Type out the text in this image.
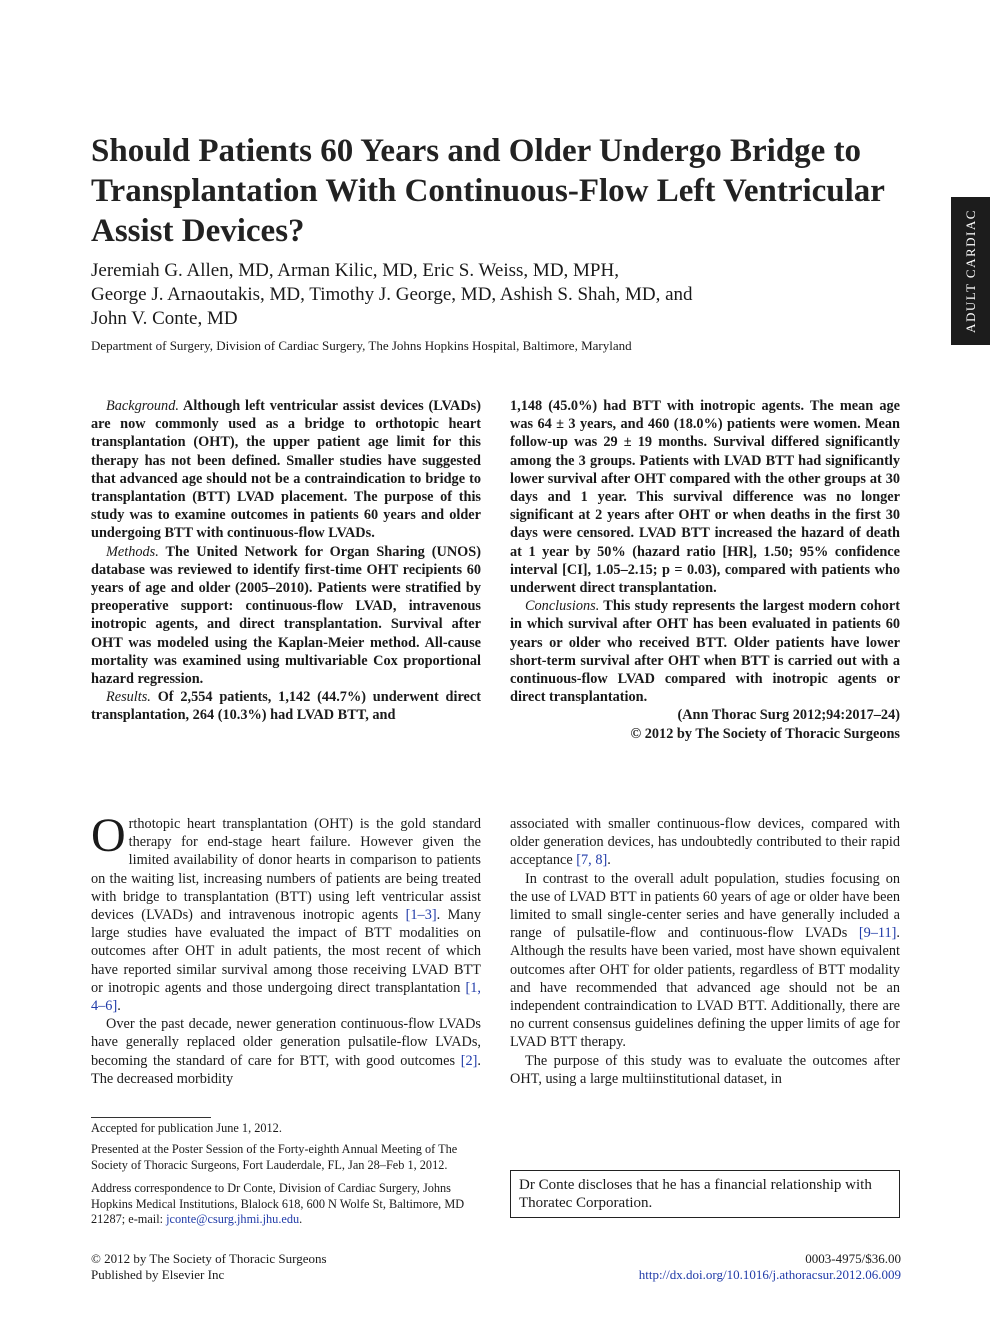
ADULT CARDIAC
Should Patients 60 Years and Older Undergo Bridge to Transplantation With Continuous-Flow Left Ventricular Assist Devices?
Jeremiah G. Allen, MD, Arman Kilic, MD, Eric S. Weiss, MD, MPH,
George J. Arnaoutakis, MD, Timothy J. George, MD, Ashish S. Shah, MD, and
John V. Conte, MD
Department of Surgery, Division of Cardiac Surgery, The Johns Hopkins Hospital, Baltimore, Maryland

Background. Although left ventricular assist devices (LVADs) are now commonly used as a bridge to orthotopic heart transplantation (OHT), the upper patient age limit for this therapy has not been defined. Smaller studies have suggested that advanced age should not be a contraindication to bridge to transplantation (BTT) LVAD placement. The purpose of this study was to examine outcomes in patients 60 years and older undergoing BTT with continuous-flow LVADs.

Methods. The United Network for Organ Sharing (UNOS) database was reviewed to identify first-time OHT recipients 60 years of age and older (2005–2010). Patients were stratified by preoperative support: continuous-flow LVAD, intravenous inotropic agents, and direct transplantation. Survival after OHT was modeled using the Kaplan-Meier method. All-cause mortality was examined using multivariable Cox proportional hazard regression.

Results. Of 2,554 patients, 1,142 (44.7%) underwent direct transplantation, 264 (10.3%) had LVAD BTT, and

1,148 (45.0%) had BTT with inotropic agents. The mean age was 64 ± 3 years, and 460 (18.0%) patients were women. Mean follow-up was 29 ± 19 months. Survival differed significantly among the 3 groups. Patients with LVAD BTT had significantly lower survival after OHT compared with the other groups at 30 days and 1 year. This survival difference was no longer significant at 2 years after OHT or when deaths in the first 30 days were censored. LVAD BTT increased the hazard of death at 1 year by 50% (hazard ratio [HR], 1.50; 95% confidence interval [CI], 1.05–2.15; p = 0.03), compared with patients who underwent direct transplantation.

Conclusions. This study represents the largest modern cohort in which survival after OHT has been evaluated in patients 60 years or older who received BTT. Older patients have lower short-term survival after OHT when BTT is carried out with a continuous-flow LVAD compared with inotropic agents or direct transplantation.

(Ann Thorac Surg 2012;94:2017–24)

© 2012 by The Society of Thoracic Surgeons

Orthotopic heart transplantation (OHT) is the gold standard therapy for end-stage heart failure. However given the limited availability of donor hearts in comparison to patients on the waiting list, increasing numbers of patients are being treated with bridge to transplantation (BTT) using left ventricular assist devices (LVADs) and intravenous inotropic agents [1–3]. Many large studies have evaluated the impact of BTT modalities on outcomes after OHT in adult patients, the most recent of which have reported similar survival among those receiving LVAD BTT or inotropic agents and those undergoing direct transplantation [1, 4–6].

Over the past decade, newer generation continuous-flow LVADs have generally replaced older generation pulsatile-flow LVADs, becoming the standard of care for BTT, with good outcomes [2]. The decreased morbidity

associated with smaller continuous-flow devices, compared with older generation devices, has undoubtedly contributed to their rapid acceptance [7, 8].

In contrast to the overall adult population, studies focusing on the use of LVAD BTT in patients 60 years of age or older have been limited to small single-center series and have generally included a range of pulsatile-flow and continuous-flow LVADs [9–11]. Although the results have been varied, most have shown equivalent outcomes after OHT for older patients, regardless of BTT modality and have recommended that advanced age should not be an independent contraindication to LVAD BTT. Additionally, there are no current consensus guidelines defining the upper limits of age for LVAD BTT therapy.

The purpose of this study was to evaluate the outcomes after OHT, using a large multiinstitutional dataset, in

Accepted for publication June 1, 2012.

Presented at the Poster Session of the Forty-eighth Annual Meeting of The Society of Thoracic Surgeons, Fort Lauderdale, FL, Jan 28–Feb 1, 2012.

Address correspondence to Dr Conte, Division of Cardiac Surgery, Johns Hopkins Medical Institutions, Blalock 618, 600 N Wolfe St, Baltimore, MD 21287; e-mail: jconte@csurg.jhmi.jhu.edu.

Dr Conte discloses that he has a financial relationship with Thoratec Corporation.
© 2012 by The Society of Thoracic Surgeons
Published by Elsevier Inc
0003-4975/$36.00
http://dx.doi.org/10.1016/j.athoracsur.2012.06.009
